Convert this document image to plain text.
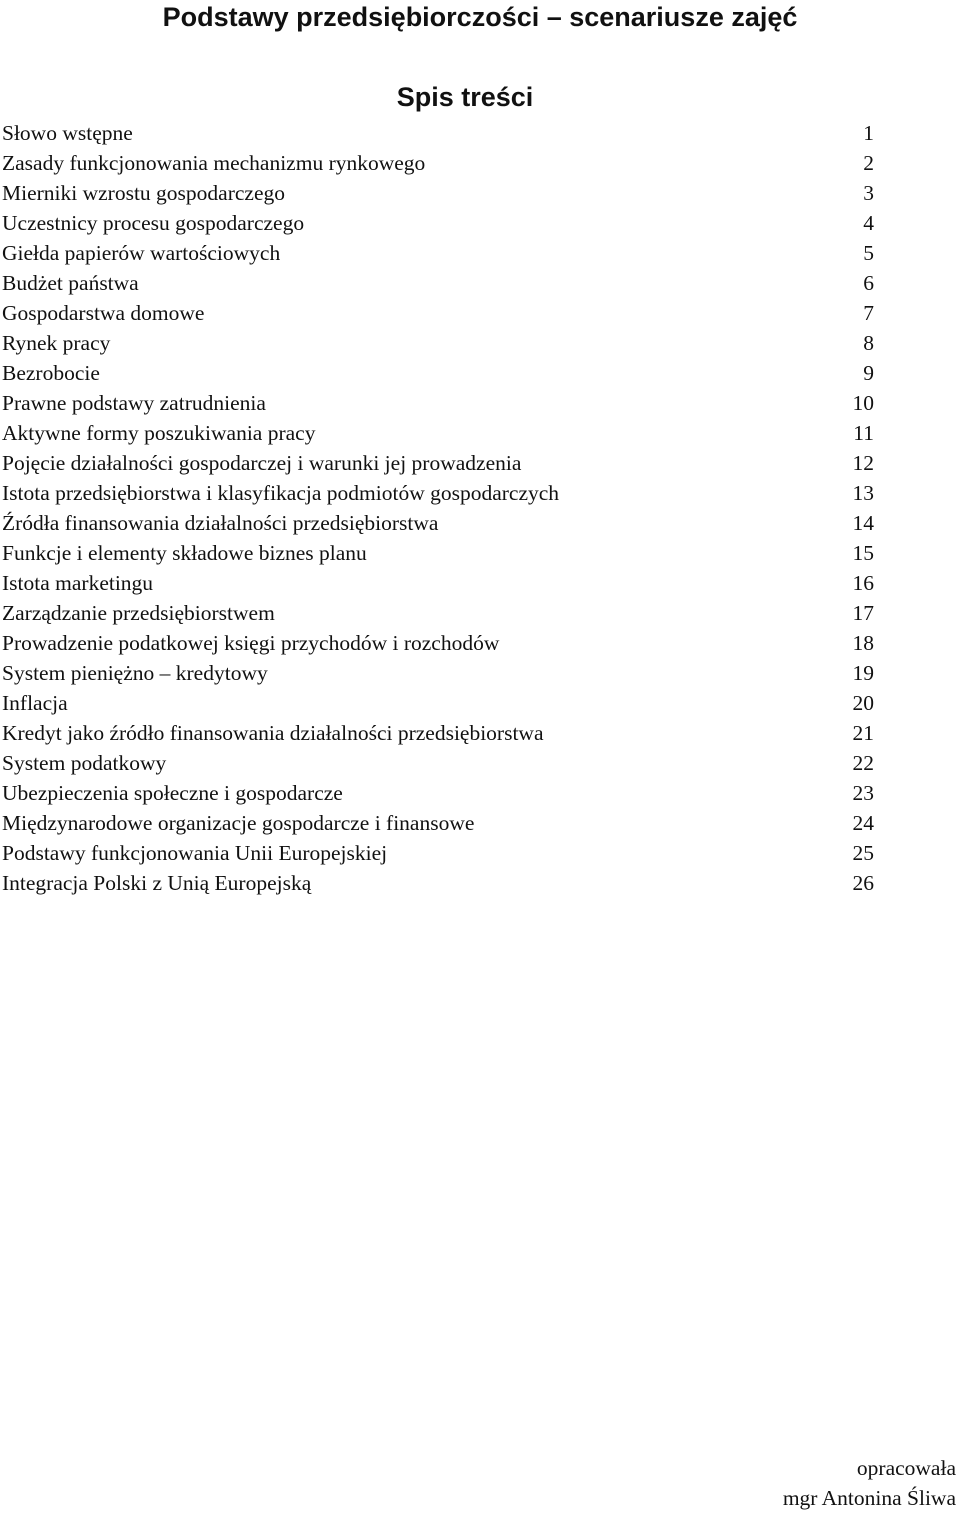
Podstawy przedsiębiorczości – scenariusze zajęć
Spis treści
Słowo wstępne	1
Zasady funkcjonowania mechanizmu rynkowego	2
Mierniki wzrostu gospodarczego	3
Uczestnicy procesu gospodarczego	4
Giełda papierów wartościowych	5
Budżet państwa	6
Gospodarstwa domowe	7
Rynek pracy	8
Bezrobocie	9
Prawne podstawy zatrudnienia	10
Aktywne formy poszukiwania pracy	11
Pojęcie działalności gospodarczej i warunki jej prowadzenia	12
Istota przedsiębiorstwa i klasyfikacja podmiotów gospodarczych	13
Źródła finansowania działalności przedsiębiorstwa	14
Funkcje i elementy składowe biznes planu	15
Istota marketingu	16
Zarządzanie przedsiębiorstwem	17
Prowadzenie podatkowej księgi przychodów i rozchodów	18
System pieniężno – kredytowy	19
Inflacja	20
Kredyt jako źródło finansowania działalności przedsiębiorstwa	21
System podatkowy	22
Ubezpieczenia społeczne i gospodarcze	23
Międzynarodowe organizacje gospodarcze i finansowe	24
Podstawy funkcjonowania Unii Europejskiej	25
Integracja Polski z Unią Europejską	26
opracowała
mgr Antonina Śliwa
